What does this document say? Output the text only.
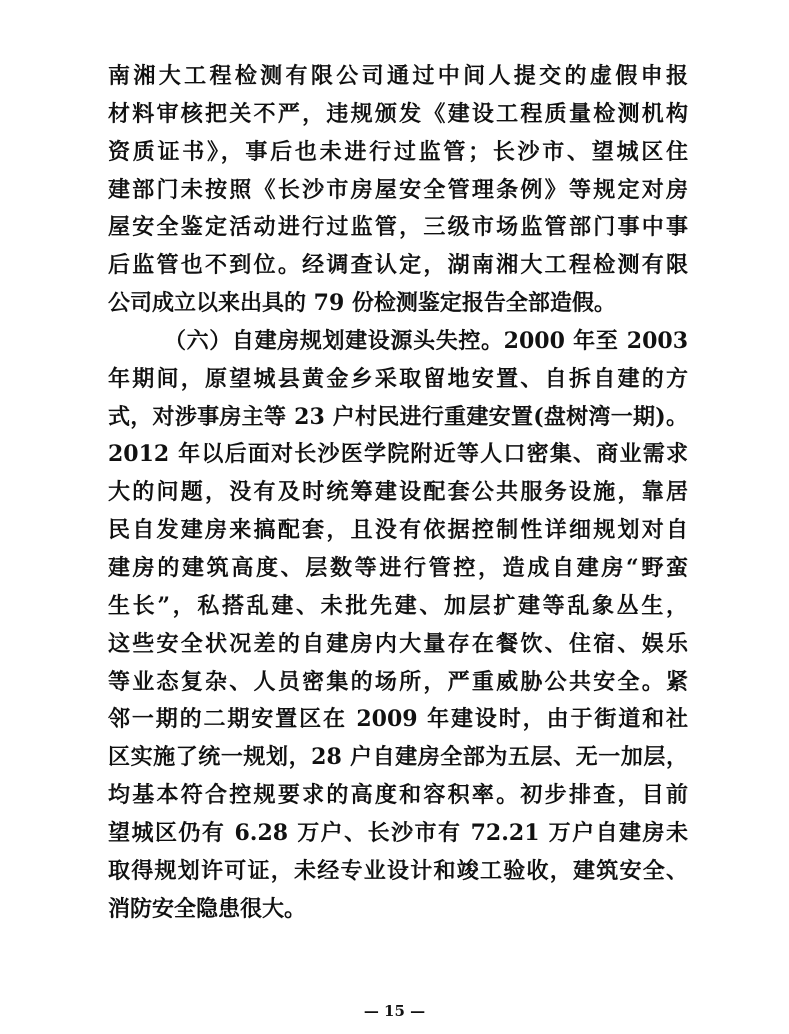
南湘大工程检测有限公司通过中间人提交的虚假申报
材料审核把关不严，违规颁发《建设工程质量检测机构
资质证书》，事后也未进行过监管；长沙市、望城区住
建部门未按照《长沙市房屋安全管理条例》等规定对房
屋安全鉴定活动进行过监管，三级市场监管部门事中事
后监管也不到位。经调查认定，湖南湘大工程检测有限
公司成立以来出具的 79 份检测鉴定报告全部造假。
（六）自建房规划建设源头失控。2000 年至 2003
年期间，原望城县黄金乡采取留地安置、自拆自建的方
式，对涉事房主等 23 户村民进行重建安置(盘树湾一期)。
2012 年以后面对长沙医学院附近等人口密集、商业需求
大的问题，没有及时统筹建设配套公共服务设施，靠居
民自发建房来搞配套，且没有依据控制性详细规划对自
建房的建筑高度、层数等进行管控，造成自建房“野蛮
生长”，私搭乱建、未批先建、加层扩建等乱象丛生，
这些安全状况差的自建房内大量存在餐饮、住宿、娱乐
等业态复杂、人员密集的场所，严重威胁公共安全。紧
邻一期的二期安置区在 2009 年建设时，由于街道和社
区实施了统一规划，28 户自建房全部为五层、无一加层，
均基本符合控规要求的高度和容积率。初步排查，目前
望城区仍有 6.28 万户、长沙市有 72.21 万户自建房未
取得规划许可证，未经专业设计和竣工验收，建筑安全、
消防安全隐患很大。
— 15 —
